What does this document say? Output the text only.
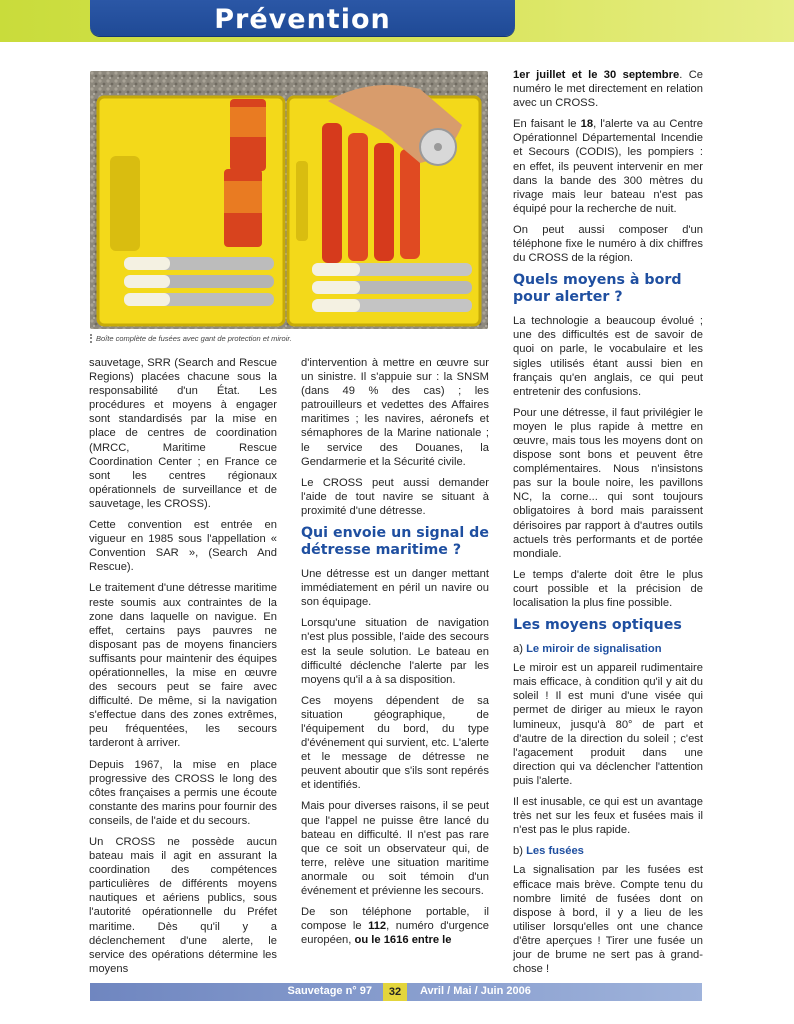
Prévention
Boîte complète de fusées avec gant de protection et miroir.

sauvetage, SRR (Search and Rescue Regions) placées chacune sous la responsabilité d'un État. Les procédures et moyens à engager sont standardisés par la mise en place de centres de coordination (MRCC, Maritime Rescue Coordination Center ; en France ce sont les centres régionaux opérationnels de surveillance et de sauvetage, les CROSS).

Cette convention est entrée en vigueur en 1985 sous l'appellation « Convention SAR », (Search And Rescue).

Le traitement d'une détresse maritime reste soumis aux contraintes de la zone dans laquelle on navigue. En effet, certains pays pauvres ne disposant pas de moyens financiers suffisants pour maintenir des équipes opérationnelles, la mise en œuvre des secours peut se faire avec difficulté. De même, si la navigation s'effectue dans des zones extrêmes, peu fréquentées, les secours tarderont à arriver.

Depuis 1967, la mise en place progressive des CROSS le long des côtes françaises a permis une écoute constante des marins pour fournir des conseils, de l'aide et du secours.

Un CROSS ne possède aucun bateau mais il agit en assurant la coordination des compétences particulières de différents moyens nautiques et aériens publics, sous l'autorité opérationnelle du Préfet maritime. Dès qu'il y a déclenchement d'une alerte, le service des opérations détermine les moyens

d'intervention à mettre en œuvre sur un sinistre. Il s'appuie sur : la SNSM (dans 49 % des cas) ; les patrouilleurs et vedettes des Affaires maritimes ; les navires, aéronefs et sémaphores de la Marine nationale ; le service des Douanes, la Gendarmerie et la Sécurité civile.

Le CROSS peut aussi demander l'aide de tout navire se situant à proximité d'une détresse.

Qui envoie un signal de détresse maritime ?

Une détresse est un danger mettant immédiatement en péril un navire ou son équipage.

Lorsqu'une situation de navigation n'est plus possible, l'aide des secours est la seule solution. Le bateau en difficulté déclenche l'alerte par les moyens qu'il a à sa disposition.

Ces moyens dépendent de sa situation géographique, de l'équipement du bord, du type d'événement qui survient, etc. L'alerte et le message de détresse ne peuvent aboutir que s'ils sont repérés et identifiés.

Mais pour diverses raisons, il se peut que l'appel ne puisse être lancé du bateau en difficulté. Il n'est pas rare que ce soit un observateur qui, de terre, relève une situation maritime anormale ou soit témoin d'un événement et prévienne les secours.

De son téléphone portable, il compose le 112, numéro d'urgence européen, ou le 1616 entre le

1er juillet et le 30 septembre. Ce numéro le met directement en relation avec un CROSS.

En faisant le 18, l'alerte va au Centre Opérationnel Départemental Incendie et Secours (CODIS), les pompiers : en effet, ils peuvent intervenir en mer dans la bande des 300 mètres du rivage mais leur bateau n'est pas équipé pour la recherche de nuit.

On peut aussi composer d'un téléphone fixe le numéro à dix chiffres du CROSS de la région.

Quels moyens à bord pour alerter ?

La technologie a beaucoup évolué ; une des difficultés est de savoir de quoi on parle, le vocabulaire et les sigles utilisés étant aussi bien en français qu'en anglais, ce qui peut entretenir des confusions.

Pour une détresse, il faut privilégier le moyen le plus rapide à mettre en œuvre, mais tous les moyens dont on dispose sont bons et peuvent être complémentaires. Nous n'insistons pas sur la boule noire, les pavillons NC, la corne... qui sont toujours obligatoires à bord mais paraissent dérisoires par rapport à d'autres outils actuels très performants et de portée mondiale.

Le temps d'alerte doit être le plus court possible et la précision de localisation la plus fine possible.

Les moyens optiques
a) Le miroir de signalisation

Le miroir est un appareil rudimentaire mais efficace, à condition qu'il y ait du soleil ! Il est muni d'une visée qui permet de diriger au mieux le rayon lumineux, jusqu'à 80° de part et d'autre de la direction du soleil ; c'est l'agacement produit dans une direction qui va déclencher l'attention puis l'alerte.

Il est inusable, ce qui est un avantage très net sur les feux et fusées mais il n'est pas le plus rapide.

b) Les fusées

La signalisation par les fusées est efficace mais brève. Compte tenu du nombre limité de fusées dont on dispose à bord, il y a lieu de les utiliser lorsqu'elles ont une chance d'être aperçues ! Tirer une fusée un jour de brume ne sert pas à grand-chose !

Sauvetage n° 97	32	Avril / Mai / Juin 2006
